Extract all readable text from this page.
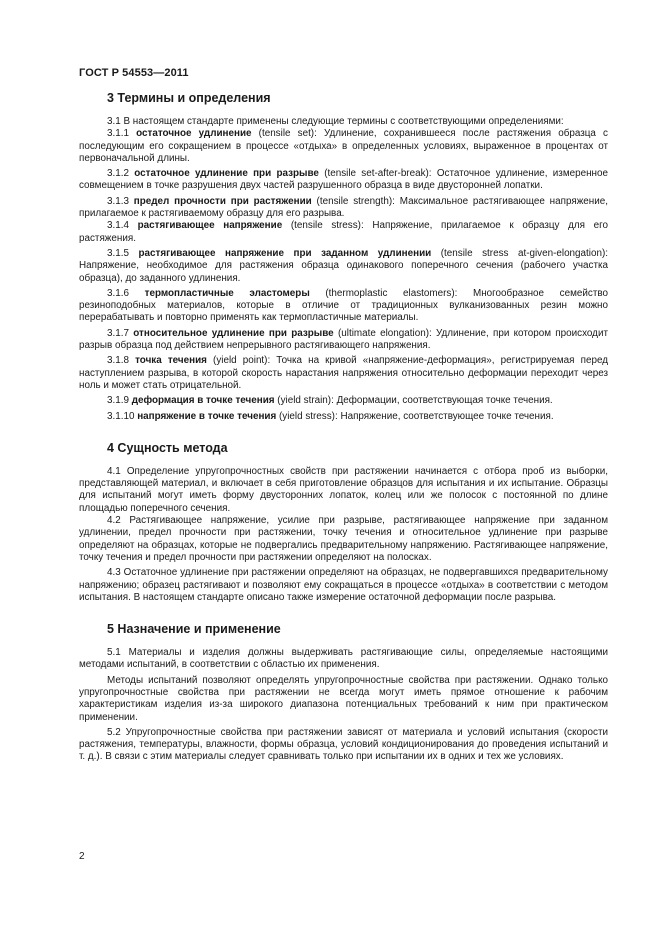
ГОСТ Р 54553—2011
3 Термины и определения

3.1 В настоящем стандарте применены следующие термины с соответствующими определениями:

3.1.1 остаточное удлинение (tensile set): Удлинение, сохранившееся после растяжения образца с последующим его сокращением в процессе «отдыха» в определенных условиях, выраженное в процентах от первоначальной длины.

3.1.2 остаточное удлинение при разрыве (tensile set-after-break): Остаточное удлинение, измеренное совмещением в точке разрушения двух частей разрушенного образца в виде двусторонней лопатки.

3.1.3 предел прочности при растяжении (tensile strength): Максимальное растягивающее напряжение, прилагаемое к растягиваемому образцу для его разрыва.

3.1.4 растягивающее напряжение (tensile stress): Напряжение, прилагаемое к образцу для его растяжения.

3.1.5 растягивающее напряжение при заданном удлинении (tensile stress at-given-elongation): Напряжение, необходимое для растяжения образца одинакового поперечного сечения (рабочего участка образца), до заданного удлинения.

3.1.6 термопластичные эластомеры (thermoplastic elastomers): Многообразное семейство резиноподобных материалов, которые в отличие от традиционных вулканизованных резин можно перерабатывать и повторно применять как термопластичные материалы.

3.1.7 относительное удлинение при разрыве (ultimate elongation): Удлинение, при котором происходит разрыв образца под действием непрерывного растягивающего напряжения.

3.1.8 точка течения (yield point): Точка на кривой «напряжение-деформация», регистрируемая перед наступлением разрыва, в которой скорость нарастания напряжения относительно деформации переходит через ноль и может стать отрицательной.

3.1.9 деформация в точке течения (yield strain): Деформации, соответствующая точке течения.

3.1.10 напряжение в точке течения (yield stress): Напряжение, соответствующее точке течения.

4 Сущность метода

4.1 Определение упругопрочностных свойств при растяжении начинается с отбора проб из выборки, представляющей материал, и включает в себя приготовление образцов для испытания и их испытание. Образцы для испытаний могут иметь форму двусторонних лопаток, колец или же полосок с постоянной по длине площадью поперечного сечения.

4.2 Растягивающее напряжение, усилие при разрыве, растягивающее напряжение при заданном удлинении, предел прочности при растяжении, точку течения и относительное удлинение при разрыве определяют на образцах, которые не подвергались предварительному напряжению. Растягивающее напряжение, точку течения и предел прочности при растяжении определяют на полосках.

4.3 Остаточное удлинение при растяжении определяют на образцах, не подвергавшихся предварительному напряжению; образец растягивают и позволяют ему сокращаться в процессе «отдыха» в соответствии с методом испытания. В настоящем стандарте описано также измерение остаточной деформации после разрыва.

5 Назначение и применение

5.1 Материалы и изделия должны выдерживать растягивающие силы, определяемые настоящими методами испытаний, в соответствии с областью их применения.

Методы испытаний позволяют определять упругопрочностные свойства при растяжении. Однако только упругопрочностные свойства при растяжении не всегда могут иметь прямое отношение к рабочим характеристикам изделия из-за широкого диапазона потенциальных требований к ним при практическом применении.

5.2 Упругопрочностные свойства при растяжении зависят от материала и условий испытания (скорости растяжения, температуры, влажности, формы образца, условий кондиционирования до проведения испытаний и т. д.). В связи с этим материалы следует сравнивать только при испытании их в одних и тех же условиях.

2
